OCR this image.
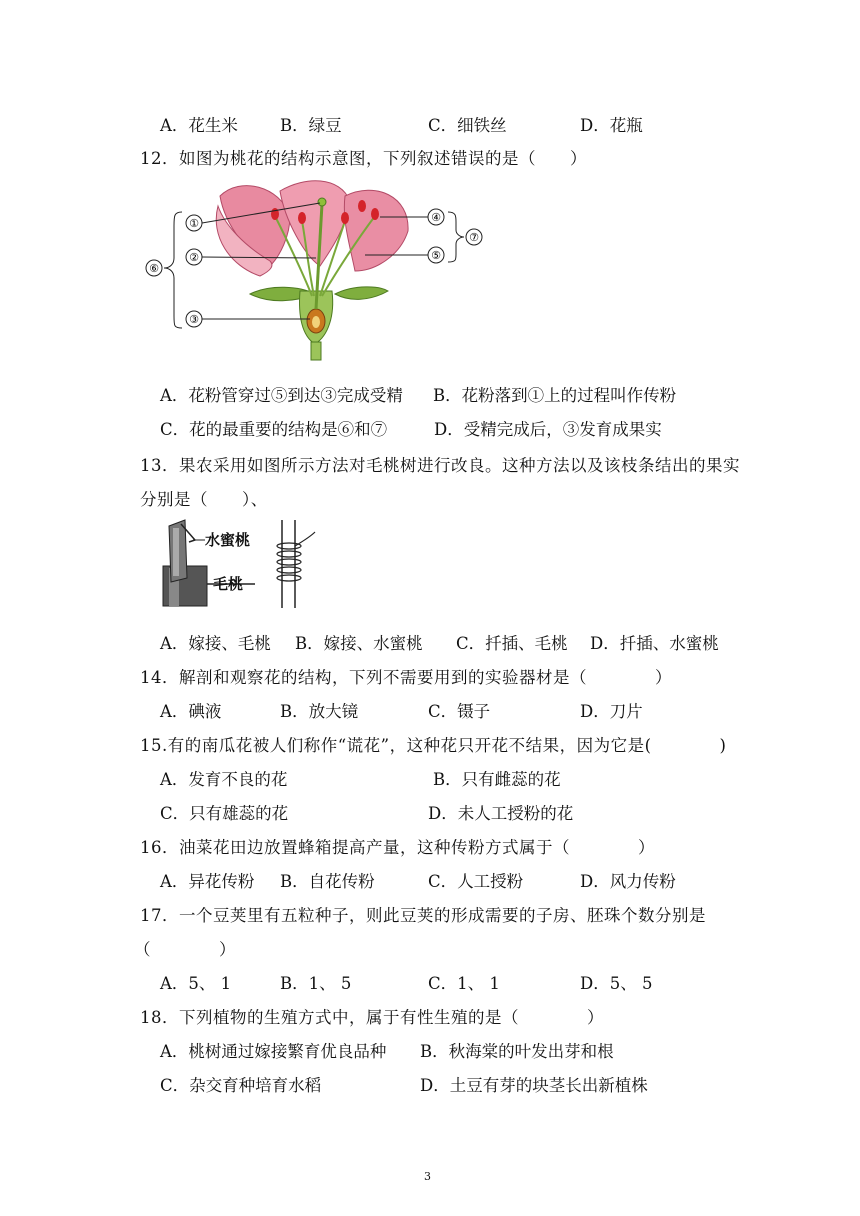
A．花生米	B．绿豆	C．细铁丝	D．花瓶
12．如图为桃花的结构示意图，下列叙述错误的是（　　）
①
②
③
④
⑤
⑥
⑦
A．花粉管穿过⑤到达③完成受精 B．花粉落到①上的过程叫作传粉
C．花的最重要的结构是⑥和⑦	D．受精完成后，③发育成果实
13．果农采用如图所示方法对毛桃树进行改良。这种方法以及该枝条结出的果实
分别是（　　）、
水蜜桃
毛桃
A．嫁接、毛桃 B．嫁接、水蜜桃 C．扦插、毛桃 D．扦插、水蜜桃
14．解剖和观察花的结构，下列不需要用到的实验器材是（　　　　）
A．碘液	B．放大镜	C．镊子	D．刀片
15.有的南瓜花被人们称作“谎花”，这种花只开花不结果，因为它是(　　　　)
A．发育不良的花	B．只有雌蕊的花
C．只有雄蕊的花	D．未人工授粉的花
16．油菜花田边放置蜂箱提高产量，这种传粉方式属于（　　　　）
A．异花传粉 B．自花传粉	C．人工授粉	D．风力传粉
17．一个豆荚里有五粒种子，则此豆荚的形成需要的子房、胚珠个数分别是
（　　　　）
A．5、 1	B．1、 5	C．1、 1	D．5、 5
18．下列植物的生殖方式中，属于有性生殖的是（　　　　）
A．桃树通过嫁接繁育优良品种 B．秋海棠的叶发出芽和根
C．杂交育种培育水稻	D．土豆有芽的块茎长出新植株
3
